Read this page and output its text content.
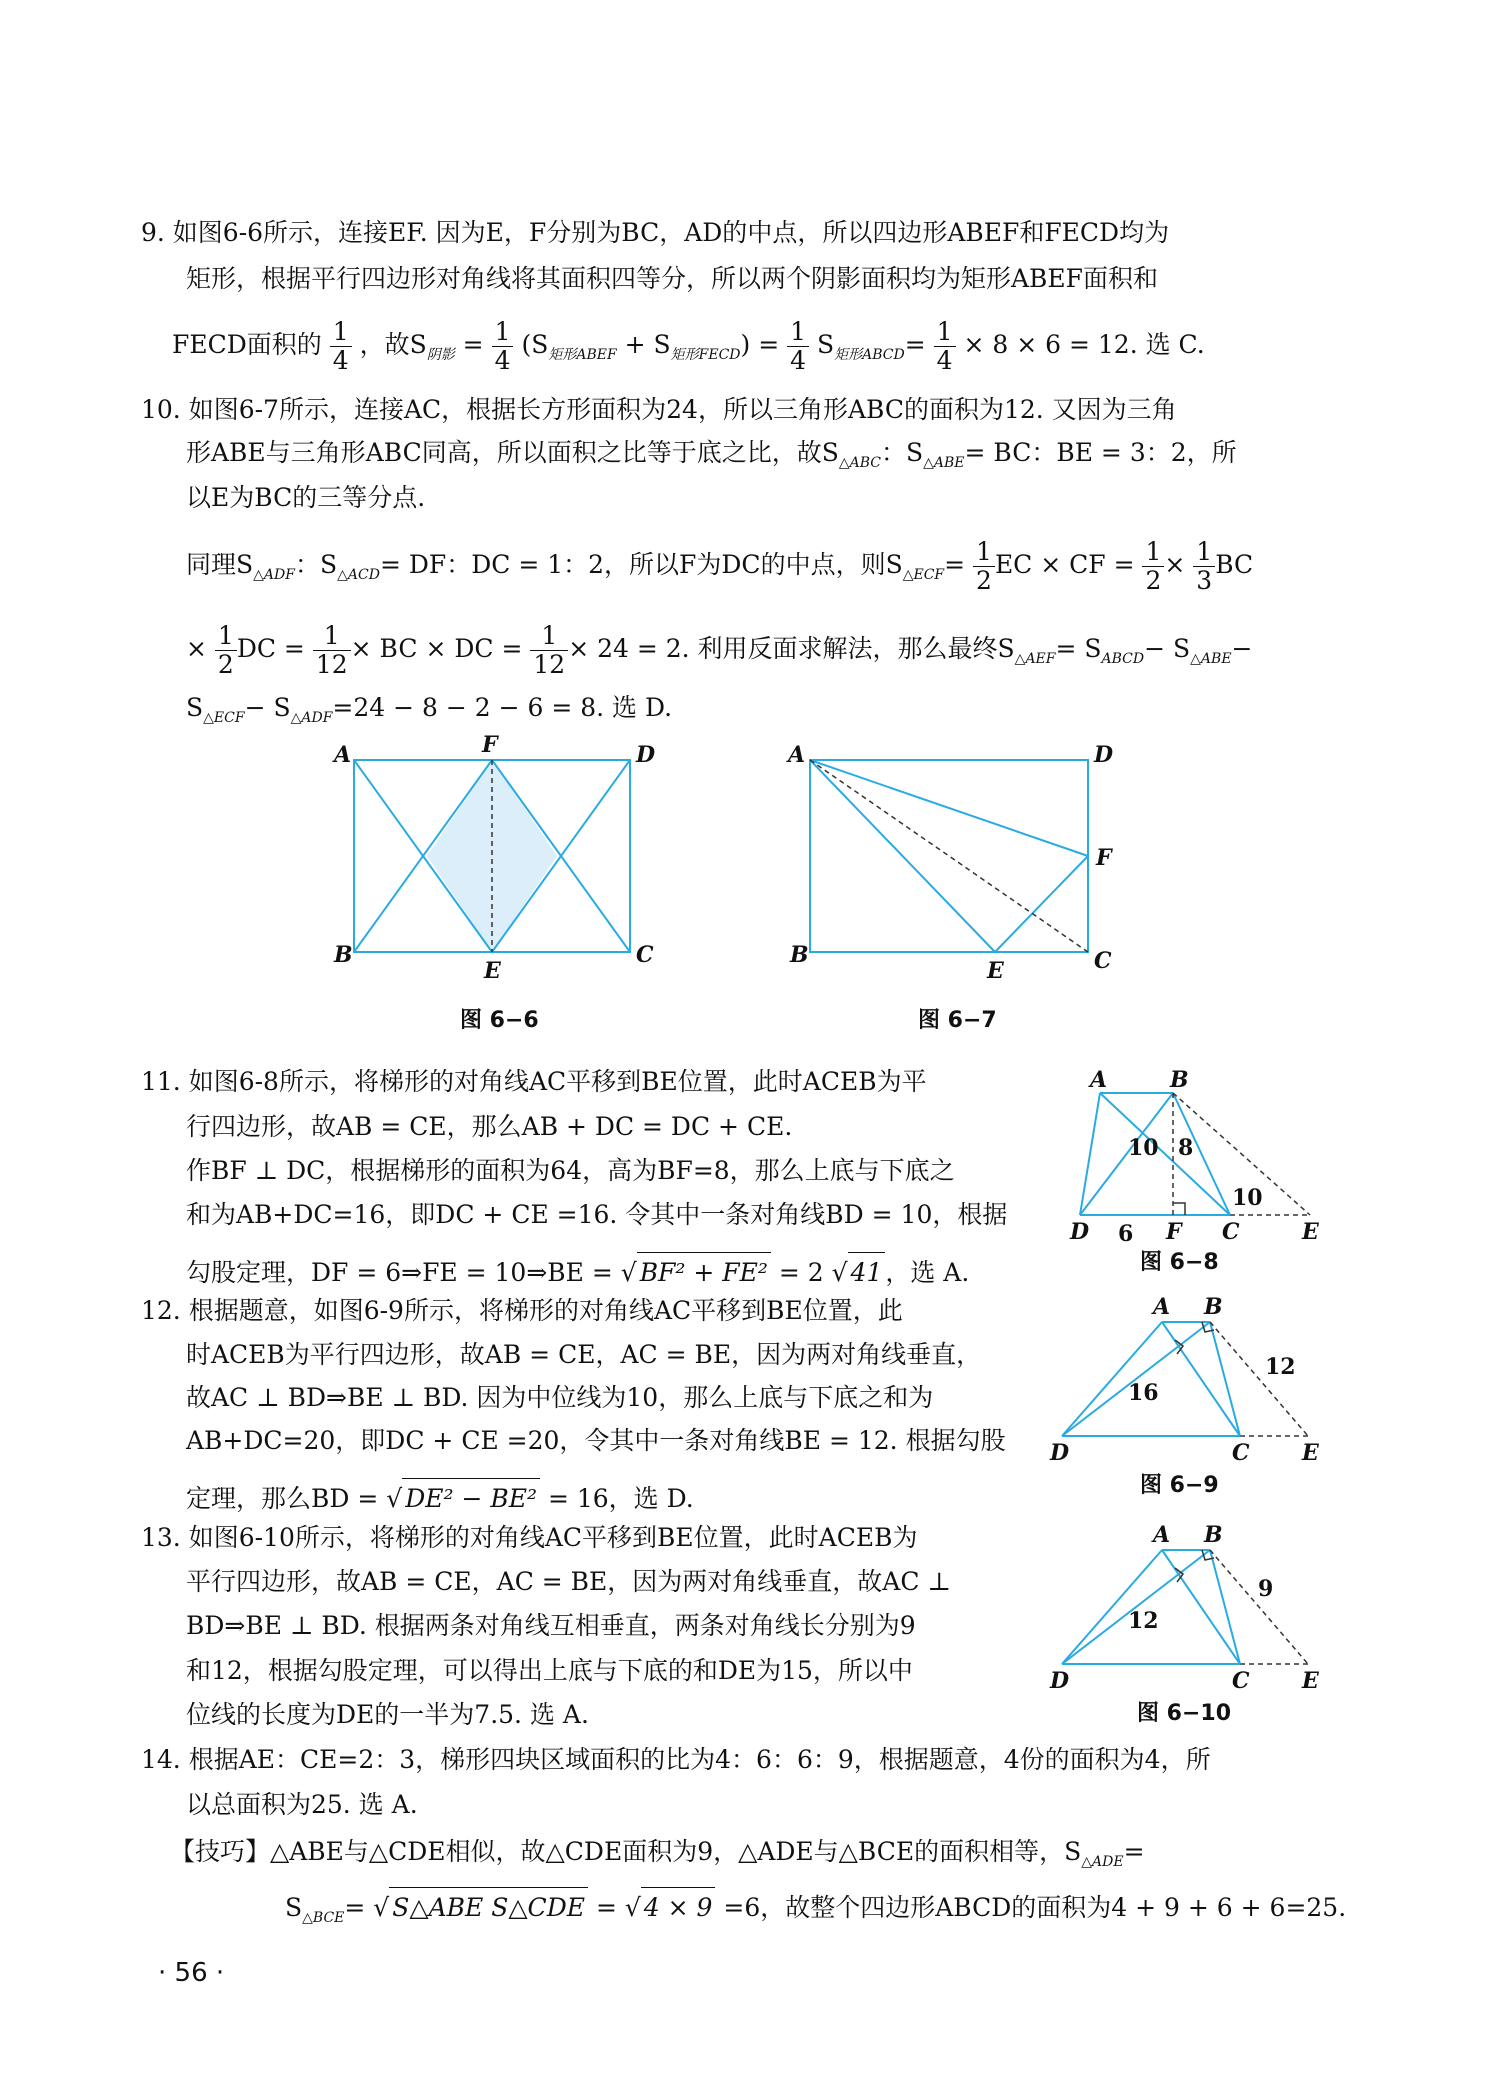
9. 如图6-6所示，连接EF. 因为E，F分别为BC，AD的中点，所以四边形ABEF和FECD均为
矩形，根据平行四边形对角线将其面积四等分，所以两个阴影面积均为矩形ABEF面积和
FECD面积的 $\frac{1}{4}$ ，故$S_{阴影} = \frac{1}{4} (S_{矩形ABEF} + S_{矩形FECD}) = \frac{1}{4} S_{矩形ABCD}= \frac{1}{4} \times 8 \times 6 = 12$. 选 C.
10. 如图6-7所示，连接AC，根据长方形面积为24，所以三角形ABC的面积为12. 又因为三角
形ABE与三角形ABC同高，所以面积之比等于底之比，故$S_{\triangle ABC}$：$S_{\triangle ABE}=$ BC：BE = 3：2，所
以E为BC的三等分点.
同理$S_{\triangle ADF}$：$S_{\triangle ACD}=$ DF：DC = 1：2，所以F为DC的中点，则$S_{\triangle ECF}= \frac{1}{2}$ EC × CF = $\frac{1}{2} \times \frac{1}{3}$ BC
× $\frac{1}{2}$ DC = $\frac{1}{12}$ × BC × DC = $\frac{1}{12} \times 24 = 2$. 利用反面求解法，那么最终$S_{\triangle AEF}= S_{ABCD}- S_{\triangle ABE}-$
$S_{\triangle ECF}- S_{\triangle ADF}=24 - 8 - 2 - 6 = 8$. 选 D.
A	F	D
B
E
C
图 6−6
A	D
F
B
E	C
图 6−7
11. 如图6-8所示，将梯形的对角线AC平移到BE位置，此时ACEB为平
行四边形，故AB = CE，那么AB + DC = DC + CE.
作BF ⊥ DC，根据梯形的面积为64，高为BF=8，那么上底与下底之
和为AB+DC=16，即DC + CE =16. 令其中一条对角线BD = 10，根据
勾股定理，DF = 6⇒FE = 10⇒BE = √ BF² + FE² = 2 √ 41 ，选 A.
A	B
D	F C	E
10 8
10
6
图 6−8
12. 根据题意，如图6-9所示，将梯形的对角线AC平移到BE位置，此
时ACEB为平行四边形，故AB = CE，AC = BE，因为两对角线垂直，
故AC ⊥ BD⇒BE ⊥ BD. 因为中位线为10，那么上底与下底之和为
AB+DC=20，即DC + CE =20，令其中一条对角线BE = 12. 根据勾股
定理，那么BD = √ DE² − BE² = 16，选 D.
A B
D	C E
12
16
图 6−9
13. 如图6-10所示，将梯形的对角线AC平移到BE位置，此时ACEB为
平行四边形，故AB = CE，AC = BE，因为两对角线垂直，故AC ⊥
BD⇒BE ⊥ BD. 根据两条对角线互相垂直，两条对角线长分别为9
和12，根据勾股定理，可以得出上底与下底的和DE为15，所以中
位线的长度为DE的一半为7.5. 选 A.
A B
D	C E
9
12
图 6−10
14. 根据AE：CE=2：3，梯形四块区域面积的比为4：6：6：9，根据题意，4份的面积为4，所
以总面积为25. 选 A.
【技巧】△ABE与△CDE相似，故△CDE面积为9，△ADE与△BCE的面积相等，$S_{\triangle ADE}=$
$S_{\triangle BCE}=$ √ S△ABE S△CDE = √ 4 × 9 =6，故整个四边形ABCD的面积为4 + 9 + 6 + 6=25.
· 56 ·
